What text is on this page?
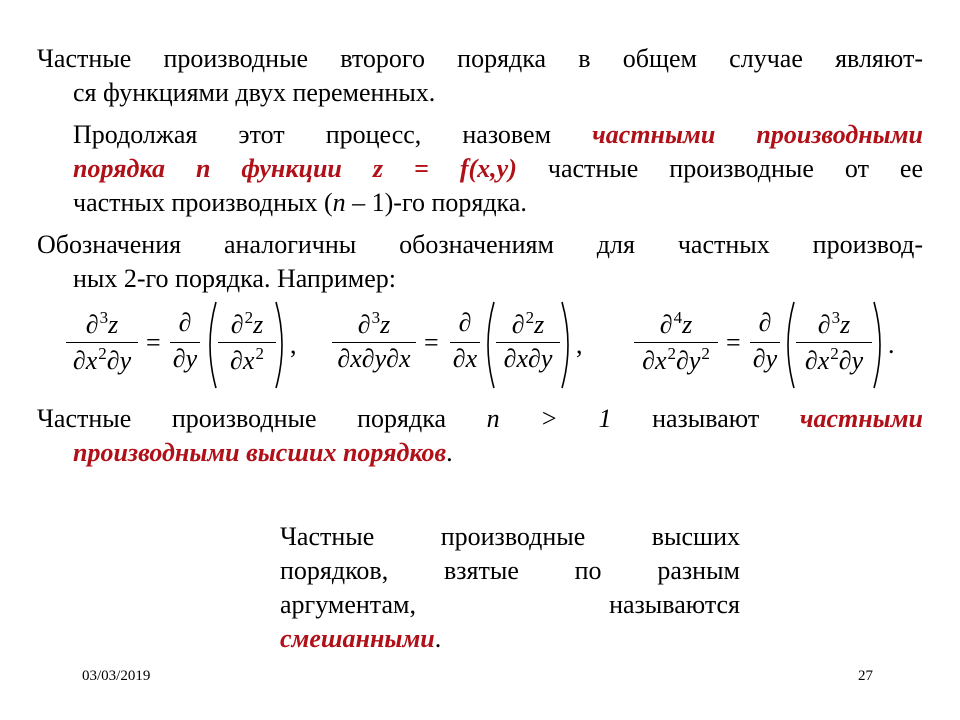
Частные производные второго порядка в общем случае являют-
ся функциями двух переменных.
Продолжая этот процесс, назовем частными производными
порядка n функции z = f(x,y) частные производные от ее
частных производных (n – 1)-го порядка.
Обозначения аналогичны обозначениям для частных производ-
ных 2-го порядка. Например:
∂$^3$z
$\partial x^2\partial y$
=
∂
∂y
∂$^2$z
$\partial x^2$	,
∂$^3$z
∂x∂y∂x
=
∂
∂x
∂$^2$z
∂x∂y ,
∂$^4$z
$\partial x^2\partial y^2$ =
∂
∂y
∂$^3$z
$\partial x^2\partial y$
.
Частные производные порядка n > 1 называют частными
производными высших порядков.
Частные производные высших
порядков, взятые по разным
аргументам, называются
смешанными.
03/03/2019	27
